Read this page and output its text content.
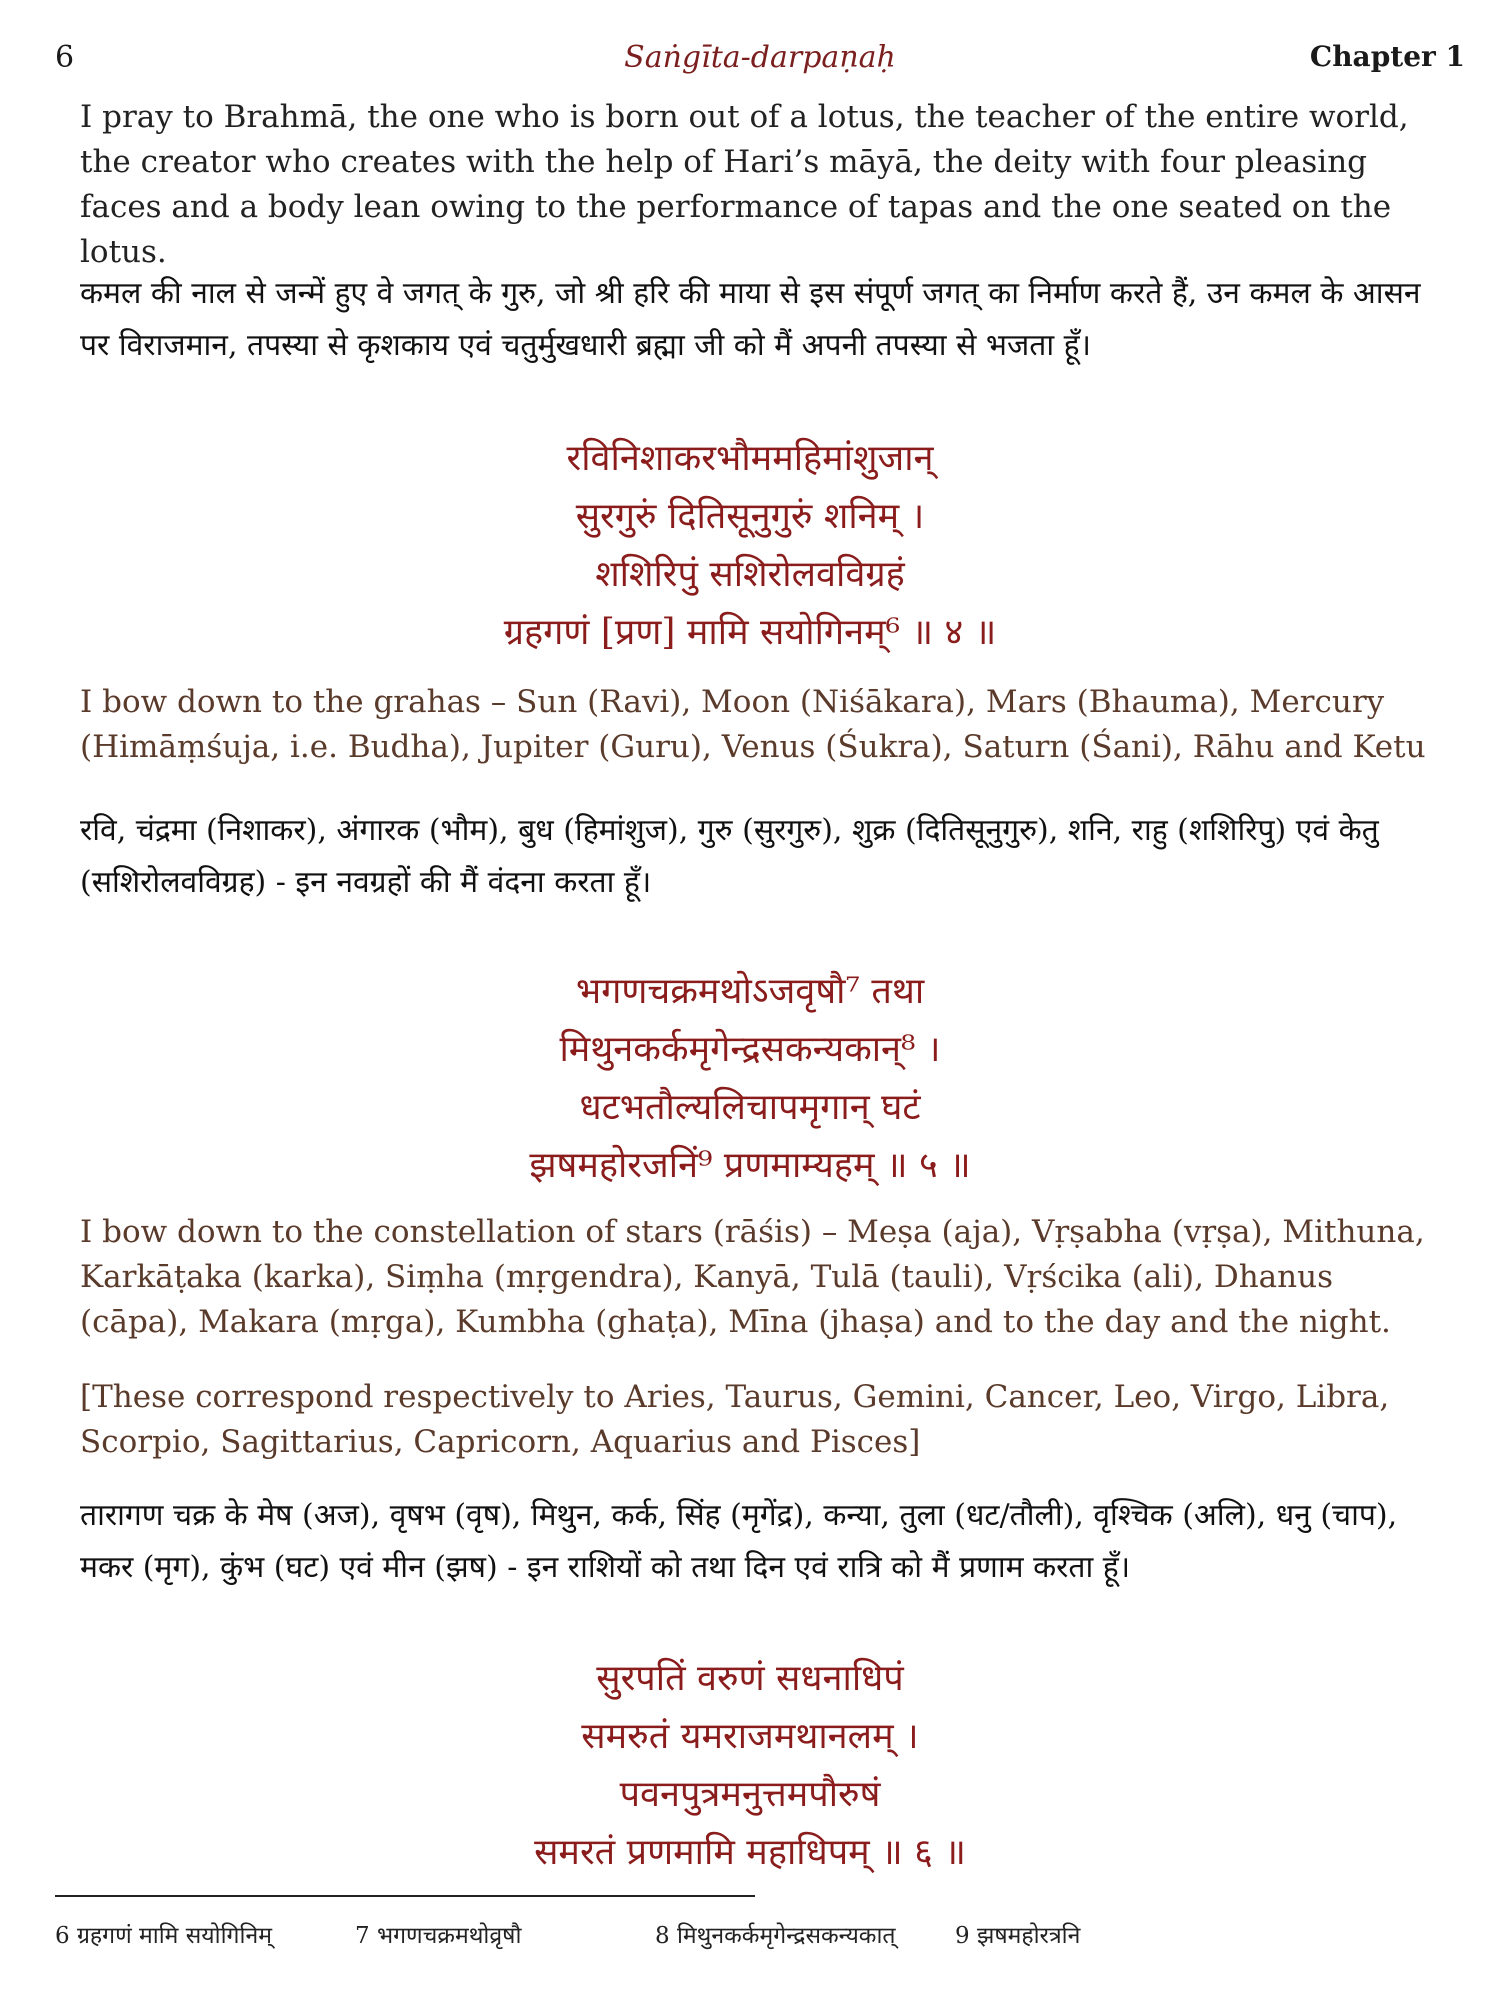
6	Saṅgīta-darpaṇaḥ	Chapter 1

I pray to Brahmā, the one who is born out of a lotus, the teacher of the entire world, the creator who creates with the help of Hari’s māyā, the deity with four pleasing faces and a body lean owing to the performance of tapas and the one seated on the lotus.

कमल की नाल से जन्में हुए वे जगत् के गुरु, जो श्री हरि की माया से इस संपूर्ण जगत् का निर्माण करते हैं, उन कमल के आसन पर विराजमान, तपस्या से कृशकाय एवं चतुर्मुखधारी ब्रह्मा जी को मैं अपनी तपस्या से भजता हूँ।

रविनिशाकरभौममहिमांशुजान्
सुरगुरुं दितिसूनुगुरुं शनिम् ।
शशिरिपुं सशिरोलवविग्रहं
ग्रहगणं [प्रण] मामि सयोगिनम्⁶ ॥ ४ ॥

I bow down to the grahas – Sun (Ravi), Moon (Niśākara), Mars (Bhauma), Mercury (Himāṃśuja, i.e. Budha), Jupiter (Guru), Venus (Śukra), Saturn (Śani), Rāhu and Ketu

रवि, चंद्रमा (निशाकर), अंगारक (भौम), बुध (हिमांशुज), गुरु (सुरगुरु), शुक्र (दितिसूनुगुरु), शनि, राहु (शशिरिपु) एवं केतु (सशिरोलवविग्रह) - इन नवग्रहों की मैं वंदना करता हूँ।

भगणचक्रमथोऽजवृषौ⁷ तथा
मिथुनकर्कमृगेन्द्रसकन्यकान्⁸ ।
धटभतौल्यलिचापमृगान् घटं
झषमहोरजनिं⁹ प्रणमाम्यहम् ॥ ५ ॥

I bow down to the constellation of stars (rāśis) – Meṣa (aja), Vṛṣabha (vṛṣa), Mithuna, Karkāṭaka (karka), Siṃha (mṛgendra), Kanyā, Tulā (tauli), Vṛścika (ali), Dhanus (cāpa), Makara (mṛga), Kumbha (ghaṭa), Mīna (jhaṣa) and to the day and the night.

[These correspond respectively to Aries, Taurus, Gemini, Cancer, Leo, Virgo, Libra, Scorpio, Sagittarius, Capricorn, Aquarius and Pisces]

तारागण चक्र के मेष (अज), वृषभ (वृष), मिथुन, कर्क, सिंह (मृगेंद्र), कन्या, तुला (धट/तौली), वृश्चिक (अलि), धनु (चाप), मकर (मृग), कुंभ (घट) एवं मीन (झष) - इन राशियों को तथा दिन एवं रात्रि को मैं प्रणाम करता हूँ।

सुरपतिं वरुणं सधनाधिपं
समरुतं यमराजमथानलम् ।
पवनपुत्रमनुत्तमपौरुषं
समरतं प्रणमामि महाधिपम् ॥ ६ ॥
6 ग्रहगणं मामि सयोगिनिम्	7 भगणचक्रमथोव्रृषौ	8 मिथुनकर्कमृगेन्द्रसकन्यकात्	9 झषमहोरत्रनि
